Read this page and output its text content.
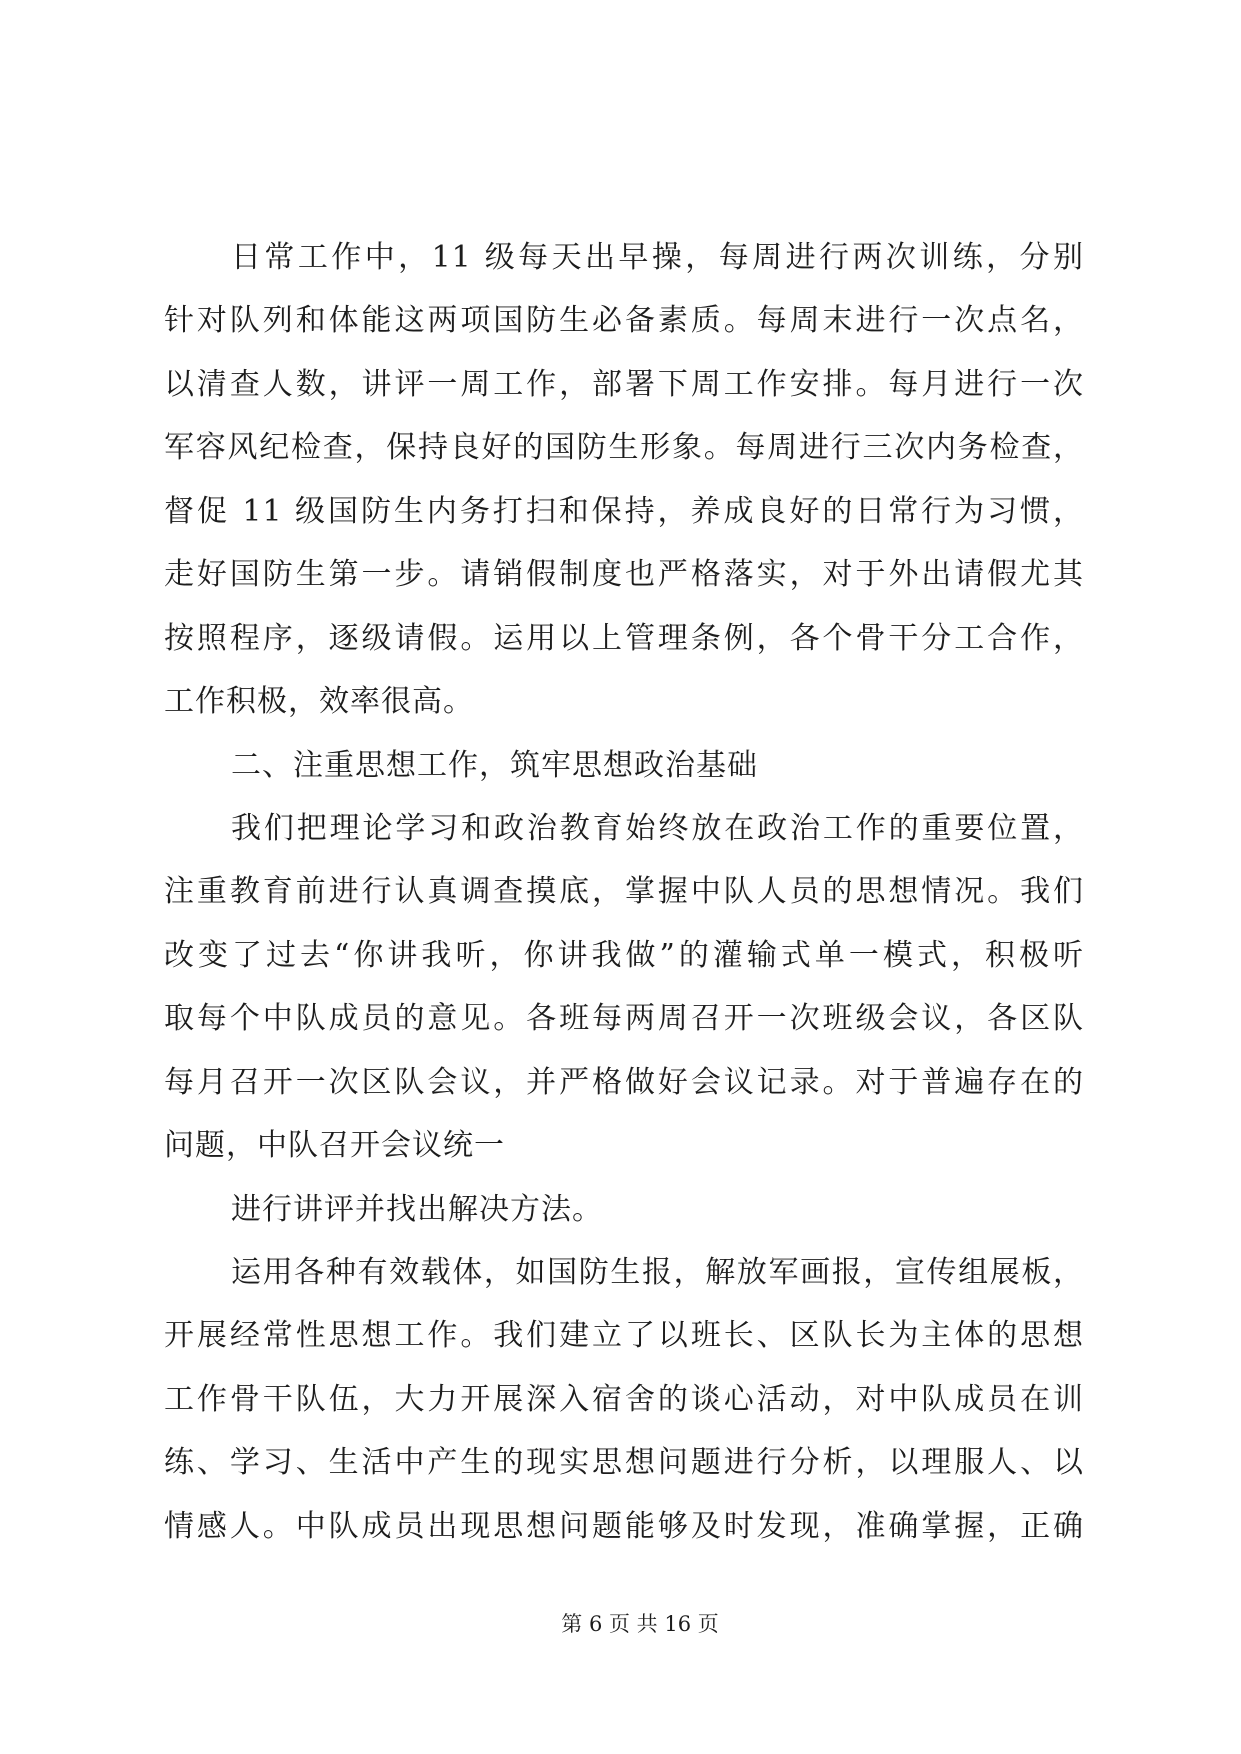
日常工作中，11 级每天出早操，每周进行两次训练，分别
针对队列和体能这两项国防生必备素质。每周末进行一次点名，
以清查人数，讲评一周工作，部署下周工作安排。每月进行一次
军容风纪检查，保持良好的国防生形象。每周进行三次内务检查，
督促 11 级国防生内务打扫和保持，养成良好的日常行为习惯，
走好国防生第一步。请销假制度也严格落实，对于外出请假尤其
按照程序，逐级请假。运用以上管理条例，各个骨干分工合作，
工作积极，效率很高。
二、注重思想工作，筑牢思想政治基础
我们把理论学习和政治教育始终放在政治工作的重要位置，
注重教育前进行认真调查摸底，掌握中队人员的思想情况。我们
改变了过去“你讲我听，你讲我做”的灌输式单一模式，积极听
取每个中队成员的意见。各班每两周召开一次班级会议，各区队
每月召开一次区队会议，并严格做好会议记录。对于普遍存在的
问题，中队召开会议统一
进行讲评并找出解决方法。
运用各种有效载体，如国防生报，解放军画报，宣传组展板，
开展经常性思想工作。我们建立了以班长、区队长为主体的思想
工作骨干队伍，大力开展深入宿舍的谈心活动，对中队成员在训
练、学习、生活中产生的现实思想问题进行分析，以理服人、以
情感人。中队成员出现思想问题能够及时发现，准确掌握，正确
第 6 页 共 16 页
